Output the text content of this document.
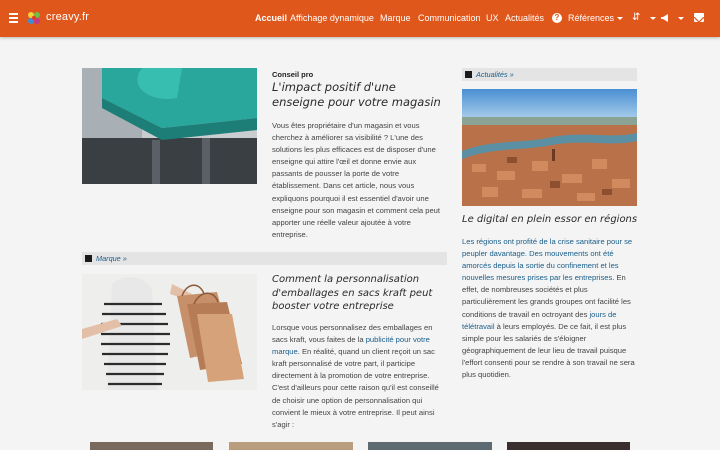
creavy.fr	Accueil Affichage dynamique Marque Communication UX Actualités	? Références	⇵
Conseil pro
L'impact positif d'une enseigne pour votre magasin
Vous êtes propriétaire d'un magasin et vous cherchez à améliorer sa visibilité ? L'une des solutions les plus efficaces est de disposer d'une enseigne qui attire l'œil et donne envie aux passants de pousser la porte de votre établissement. Dans cet article, nous vous expliquons pourquoi il est essentiel d'avoir une enseigne pour son magasin et comment cela peut apporter une réelle valeur ajoutée à votre entreprise.
Marque »
Comment la personnalisation d'emballages en sacs kraft peut booster votre entreprise
Lorsque vous personnalisez des emballages en sacs kraft, vous faites de la publicité pour votre marque. En réalité, quand un client reçoit un sac kraft personnalisé de votre part, il participe directement à la promotion de votre entreprise. C'est d'ailleurs pour cette raison qu'il est conseillé de choisir une option de personnalisation qui convient le mieux à votre entreprise. Il peut ainsi s'agir :
Actualités »
Le digital en plein essor en régions
Les régions ont profité de la crise sanitaire pour se peupler davantage. Des mouvements ont été amorcés depuis la sortie du confinement et les nouvelles mesures prises par les entreprises. En effet, de nombreuses sociétés et plus particulièrement les grands groupes ont facilité les conditions de travail en octroyant des jours de télétravail à leurs employés. De ce fait, il est plus simple pour les salariés de s'éloigner géographiquement de leur lieu de travail puisque l'effort consenti pour se rendre à son travail ne sera plus quotidien.
